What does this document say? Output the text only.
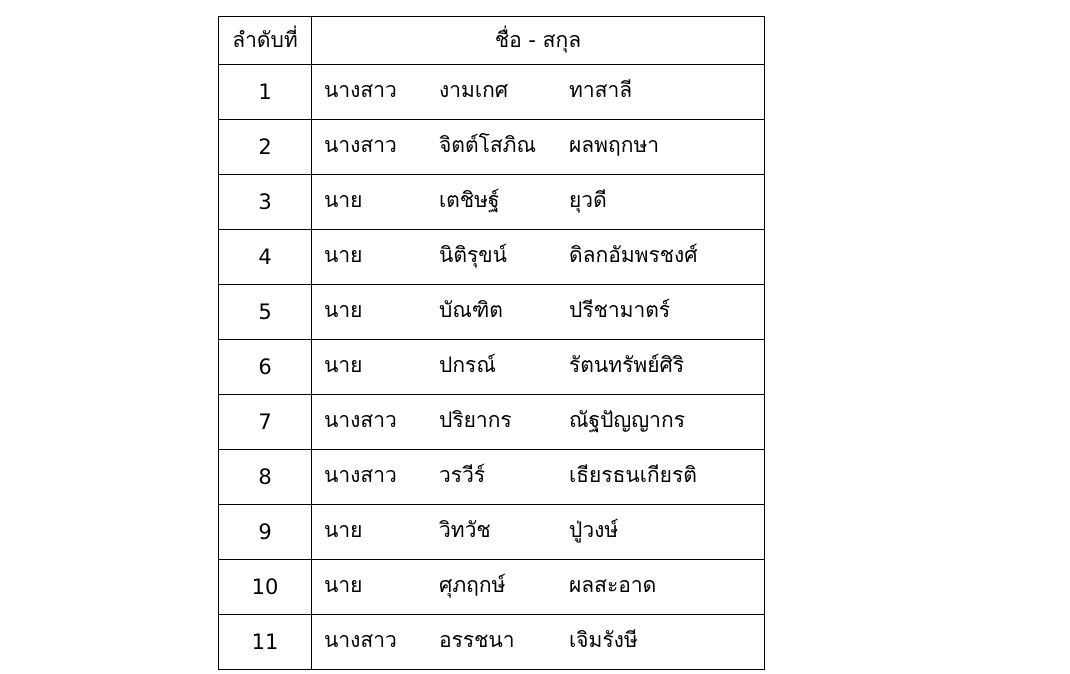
ลำดับที่	ชื่อ - สกุล
1	นางสาว งามเกศ ทาสาลี

2	นางสาว จิตต์โสภิณ ผลพฤกษา

3	นาย เตชิษฐ์ ยุวดี

4	นาย นิติรุขน์ ดิลกอัมพรชงศ์

5	นาย บัณฑิต ปรีชามาตร์

6	นาย ปกรณ์ รัตนทรัพย์ศิริ

7	นางสาว ปริยากร ณัฐปัญญากร

8	นางสาว วรวีร์ เธียรธนเกียรติ

9	นาย วิทวัช ปู่วงษ์

10	นาย ศุภฤกษ์ ผลสะอาด

11	นางสาว อรรชนา เจิมรังษี
